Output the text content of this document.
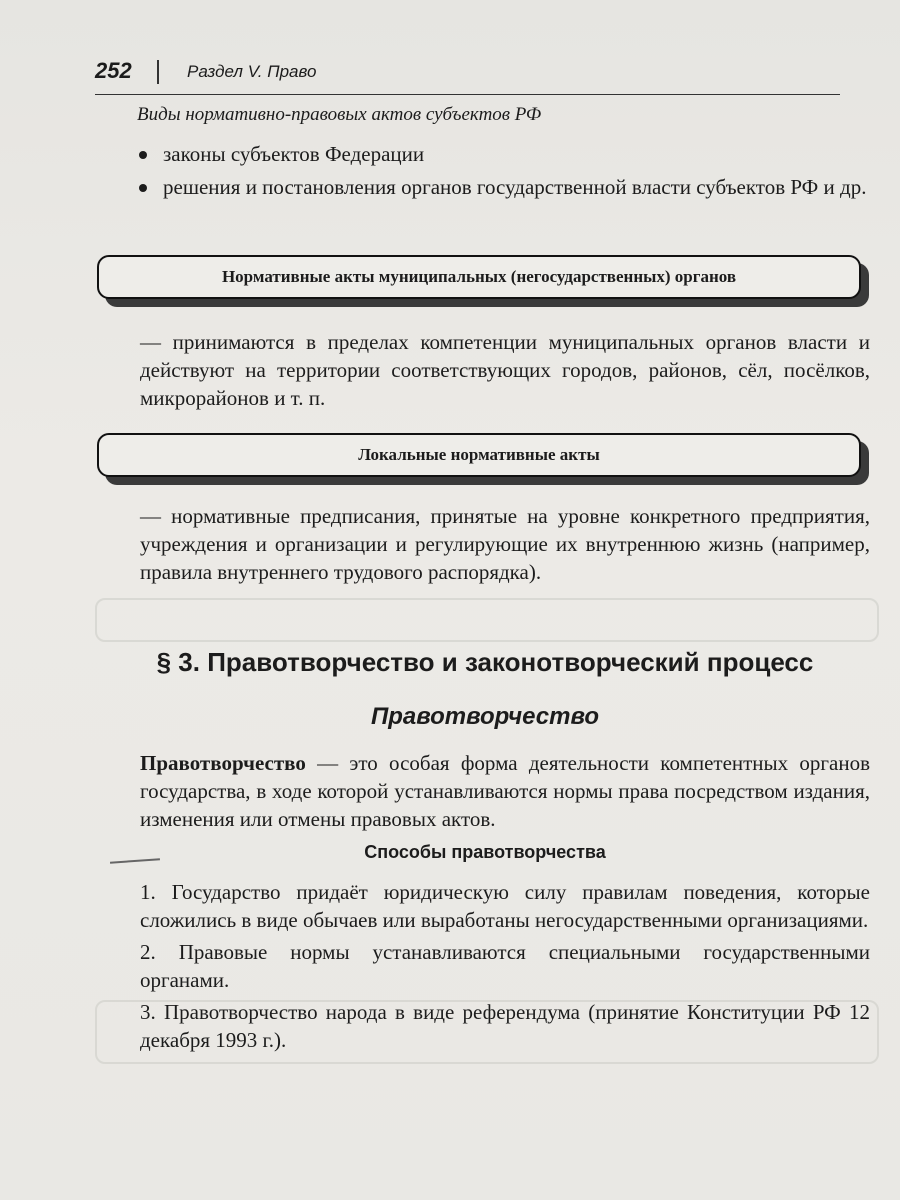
252	Раздел V. Право
Виды нормативно-правовых актов субъектов РФ
законы субъектов Федерации
решения и постановления органов государственной власти субъектов РФ и др.
Нормативные акты муниципальных (негосударственных) органов
— принимаются в пределах компетенции муниципальных органов власти и действуют на территории соответствующих городов, районов, сёл, посёлков, микрорайонов и т. п.
Локальные нормативные акты
— нормативные предписания, принятые на уровне конкретного предприятия, учреждения и организации и регулирующие их внутреннюю жизнь (например, правила внутреннего трудового распорядка).
§ 3. Правотворчество и законотворческий процесс
Правотворчество
Правотворчество — это особая форма деятельности компетентных органов государства, в ходе которой устанавливаются нормы права посредством издания, изменения или отмены правовых актов.
Способы правотворчества
1. Государство придаёт юридическую силу правилам поведения, которые сложились в виде обычаев или выработаны негосударственными организациями.
2. Правовые нормы устанавливаются специальными государственными органами.
3. Правотворчество народа в виде референдума (принятие Конституции РФ 12 декабря 1993 г.).
